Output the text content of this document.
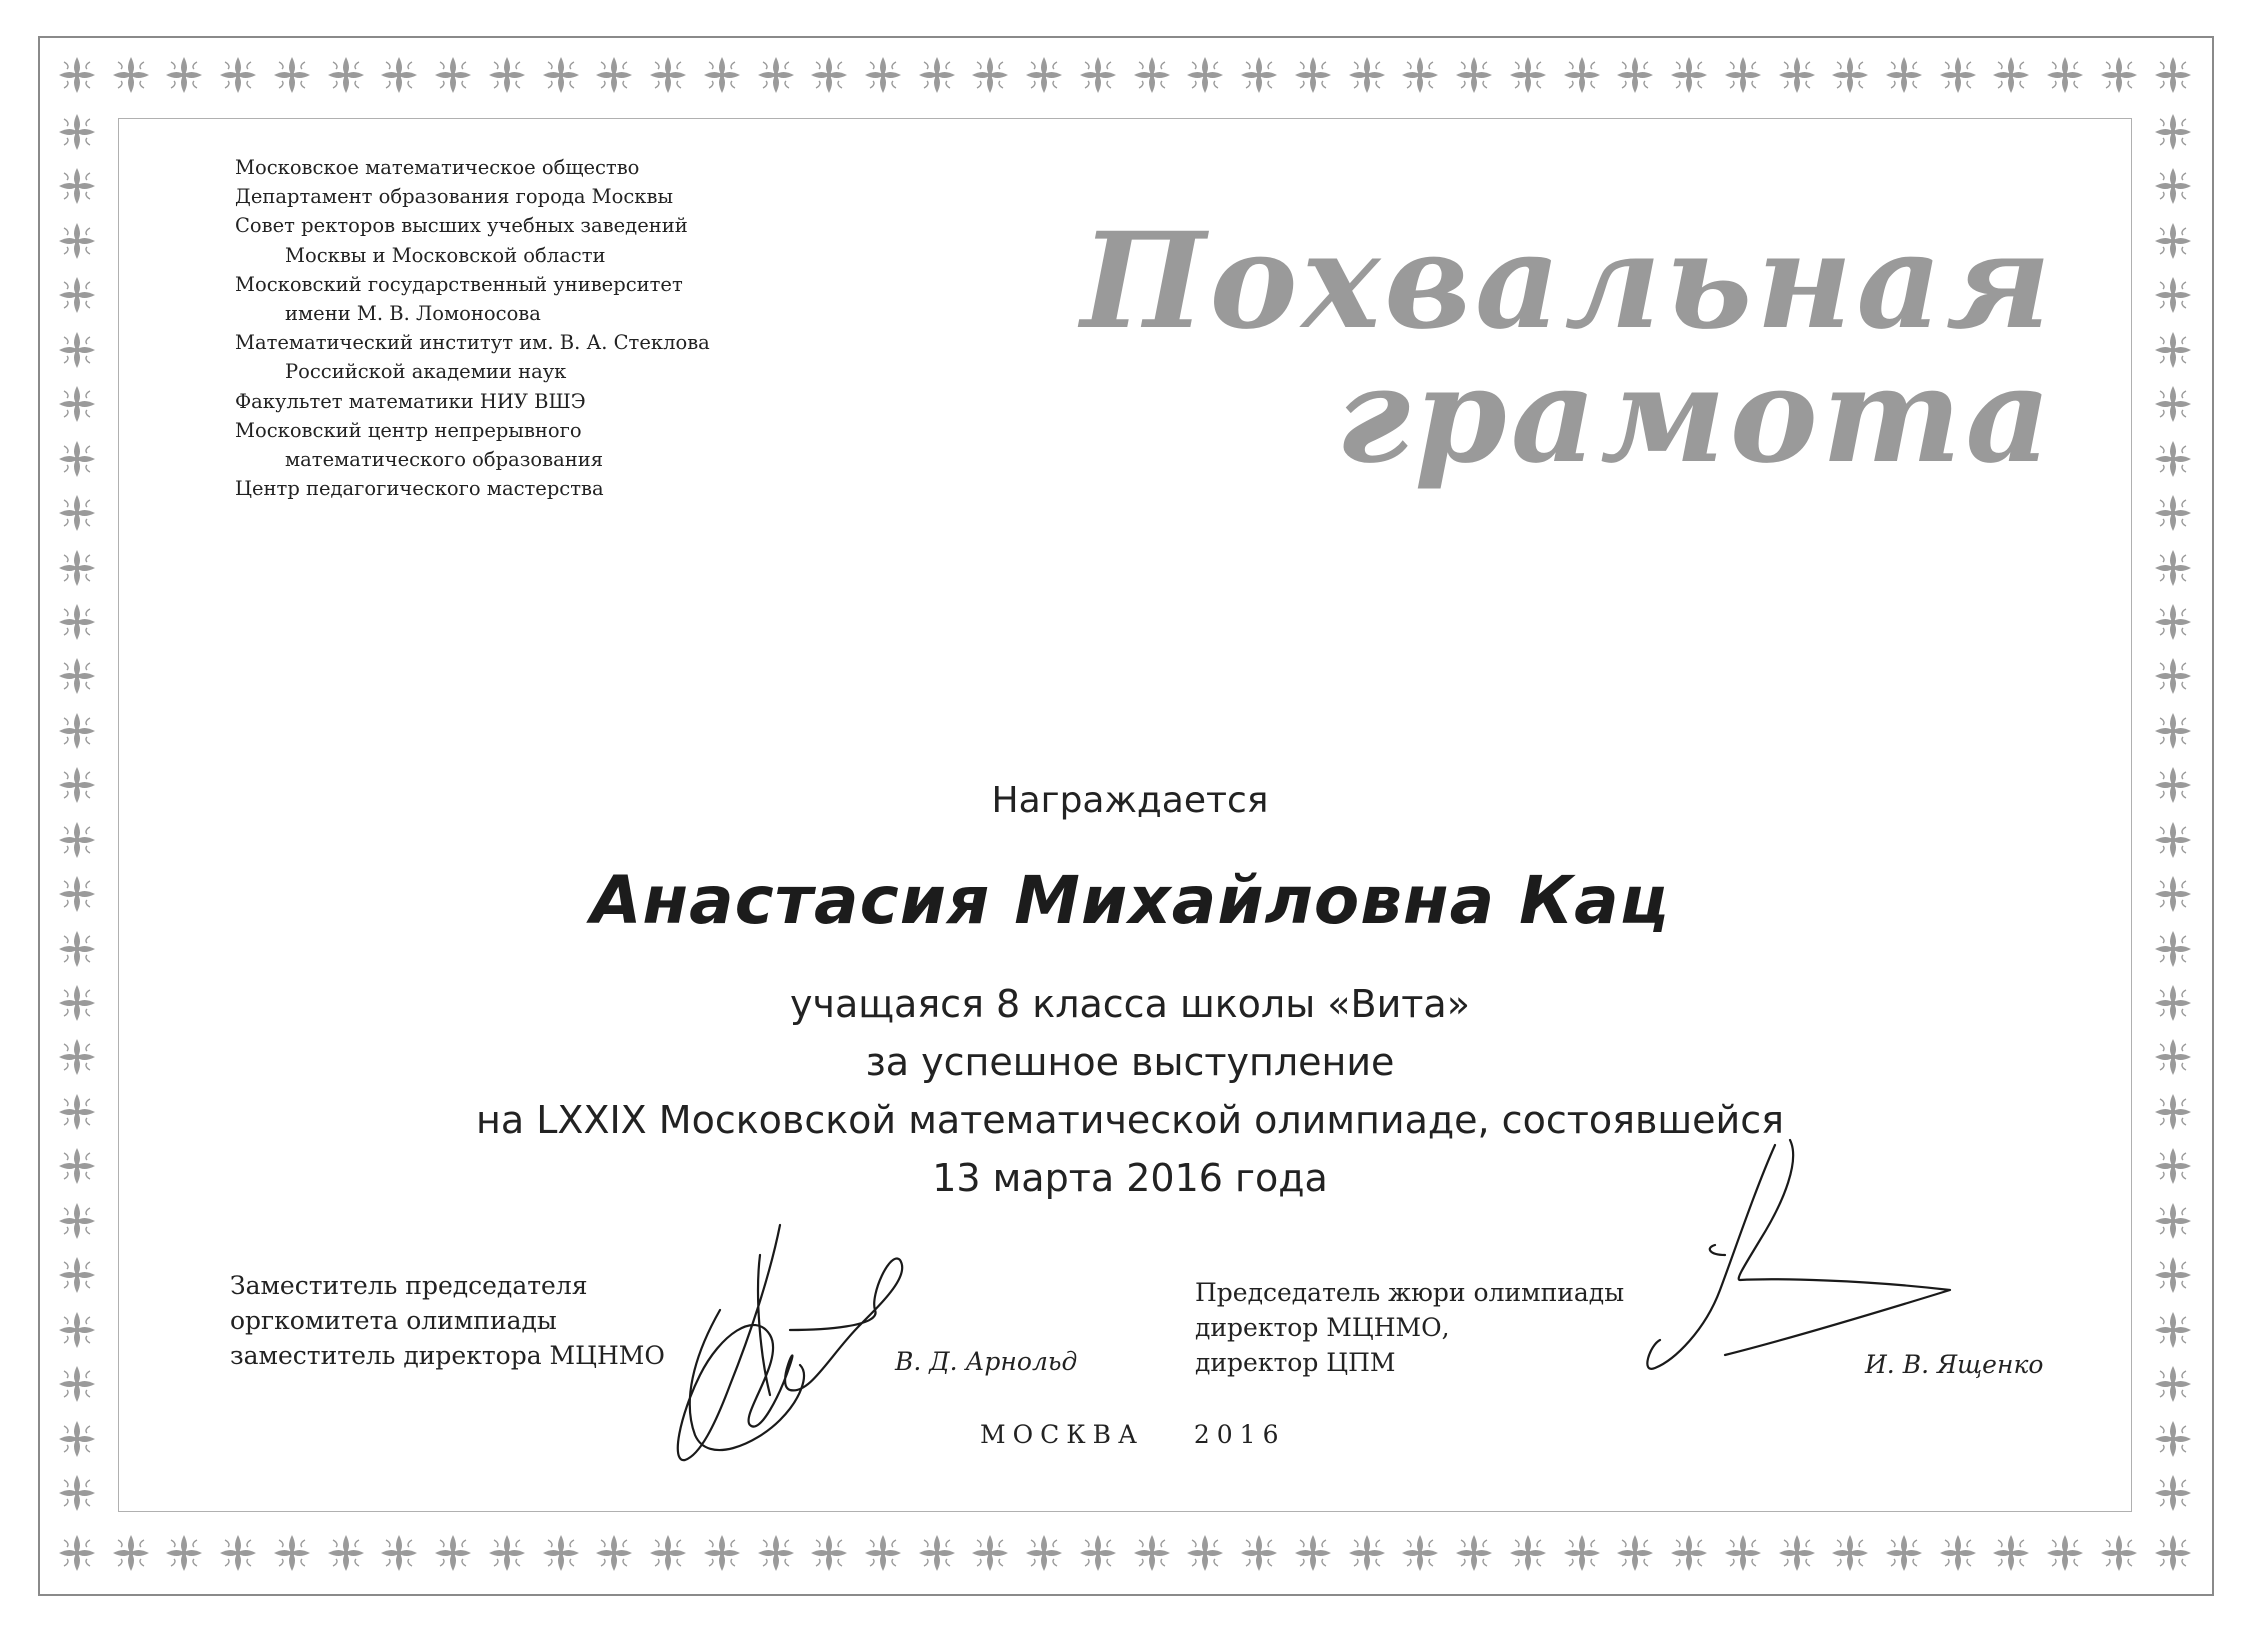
Московское математическое общество
Департамент образования города Москвы
Совет ректоров высших учебных заведений
Москвы и Московской области
Московский государственный университет
имени М. В. Ломоносова
Математический институт им. В. А. Стеклова
Российской академии наук
Факультет математики НИУ ВШЭ
Московский центр непрерывного
математического образования
Центр педагогического мастерства
Похвальная
грамота
Награждается
Анастасия Михайловна Кац
учащаяся 8 класса школы «Вита»
за успешное выступление
на LXXIX Московской математической олимпиаде, состоявшейся
13 марта 2016 года
Заместитель председателя
оргкомитета олимпиады
заместитель директора МЦНМО	В. Д. Арнольд
Председатель жюри олимпиады
директор МЦНМО,
директор ЦПМ	И. В. Ященко
МОСКВА 2016
